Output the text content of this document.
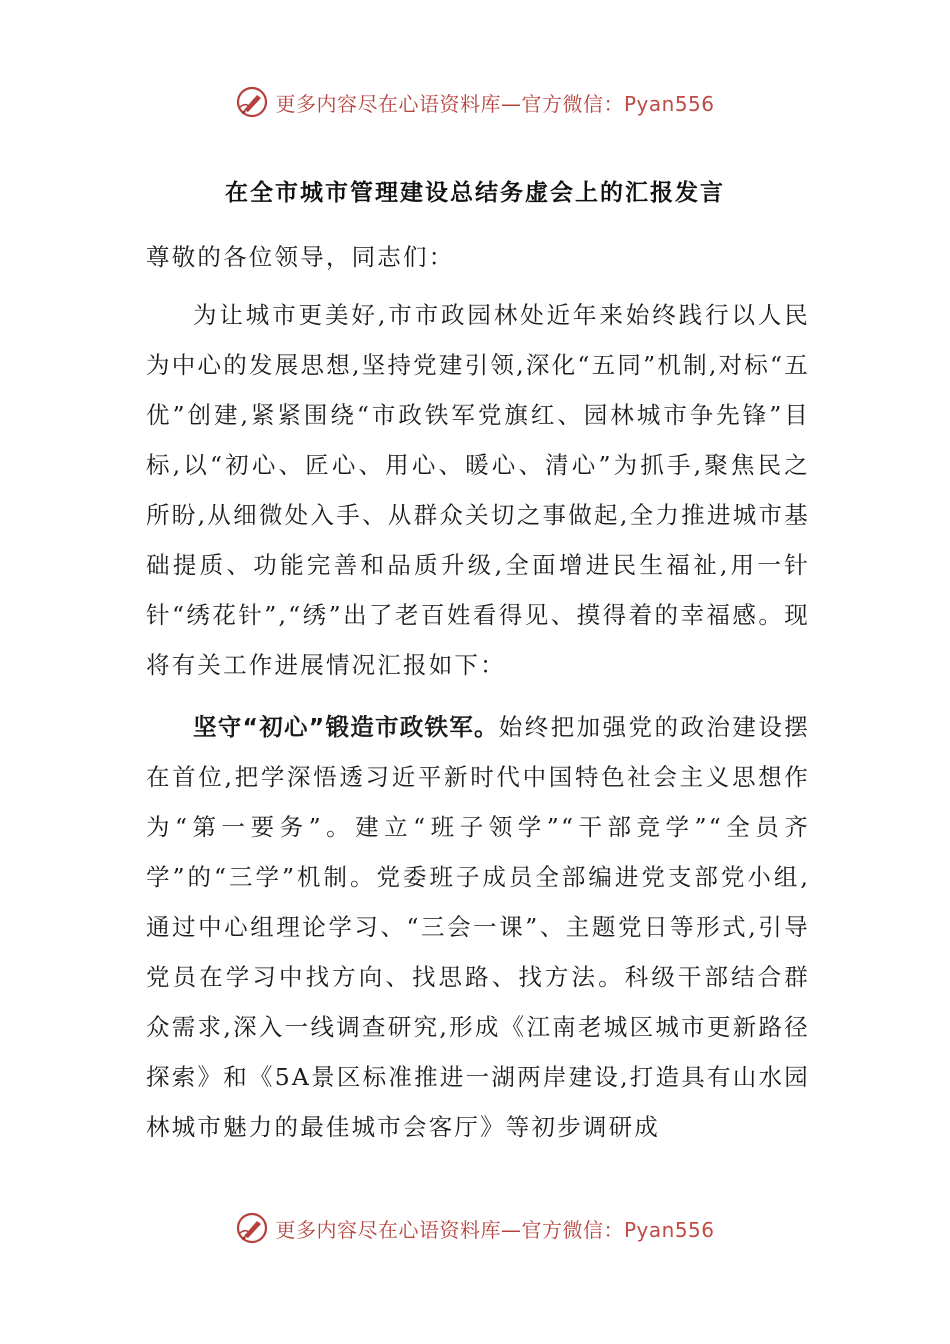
更多内容尽在心语资料库—官方微信：Pyan556
在全市城市管理建设总结务虚会上的汇报发言

尊敬的各位领导，同志们：

为让城市更美好,市市政园林处近年来始终践行以人民为中心的发展思想,坚持党建引领,深化“五同”机制,对标“五优”创建,紧紧围绕“市政铁军党旗红、园林城市争先锋”目标,以“初心、匠心、用心、暖心、清心”为抓手,聚焦民之所盼,从细微处入手、从群众关切之事做起,全力推进城市基础提质、功能完善和品质升级,全面增进民生福祉,用一针针“绣花针”,“绣”出了老百姓看得见、摸得着的幸福感。现将有关工作进展情况汇报如下：

坚守“初心”锻造市政铁军。始终把加强党的政治建设摆在首位,把学深悟透习近平新时代中国特色社会主义思想作为“第一要务”。建立“班子领学”“干部竞学”“全员齐学”的“三学”机制。党委班子成员全部编进党支部党小组,通过中心组理论学习、“三会一课”、主题党日等形式,引导党员在学习中找方向、找思路、找方法。科级干部结合群众需求,深入一线调查研究,形成《江南老城区城市更新路径探索》和《5A景区标准推进一湖两岸建设,打造具有山水园林城市魅力的最佳城市会客厅》等初步调研成

更多内容尽在心语资料库—官方微信：Pyan556
